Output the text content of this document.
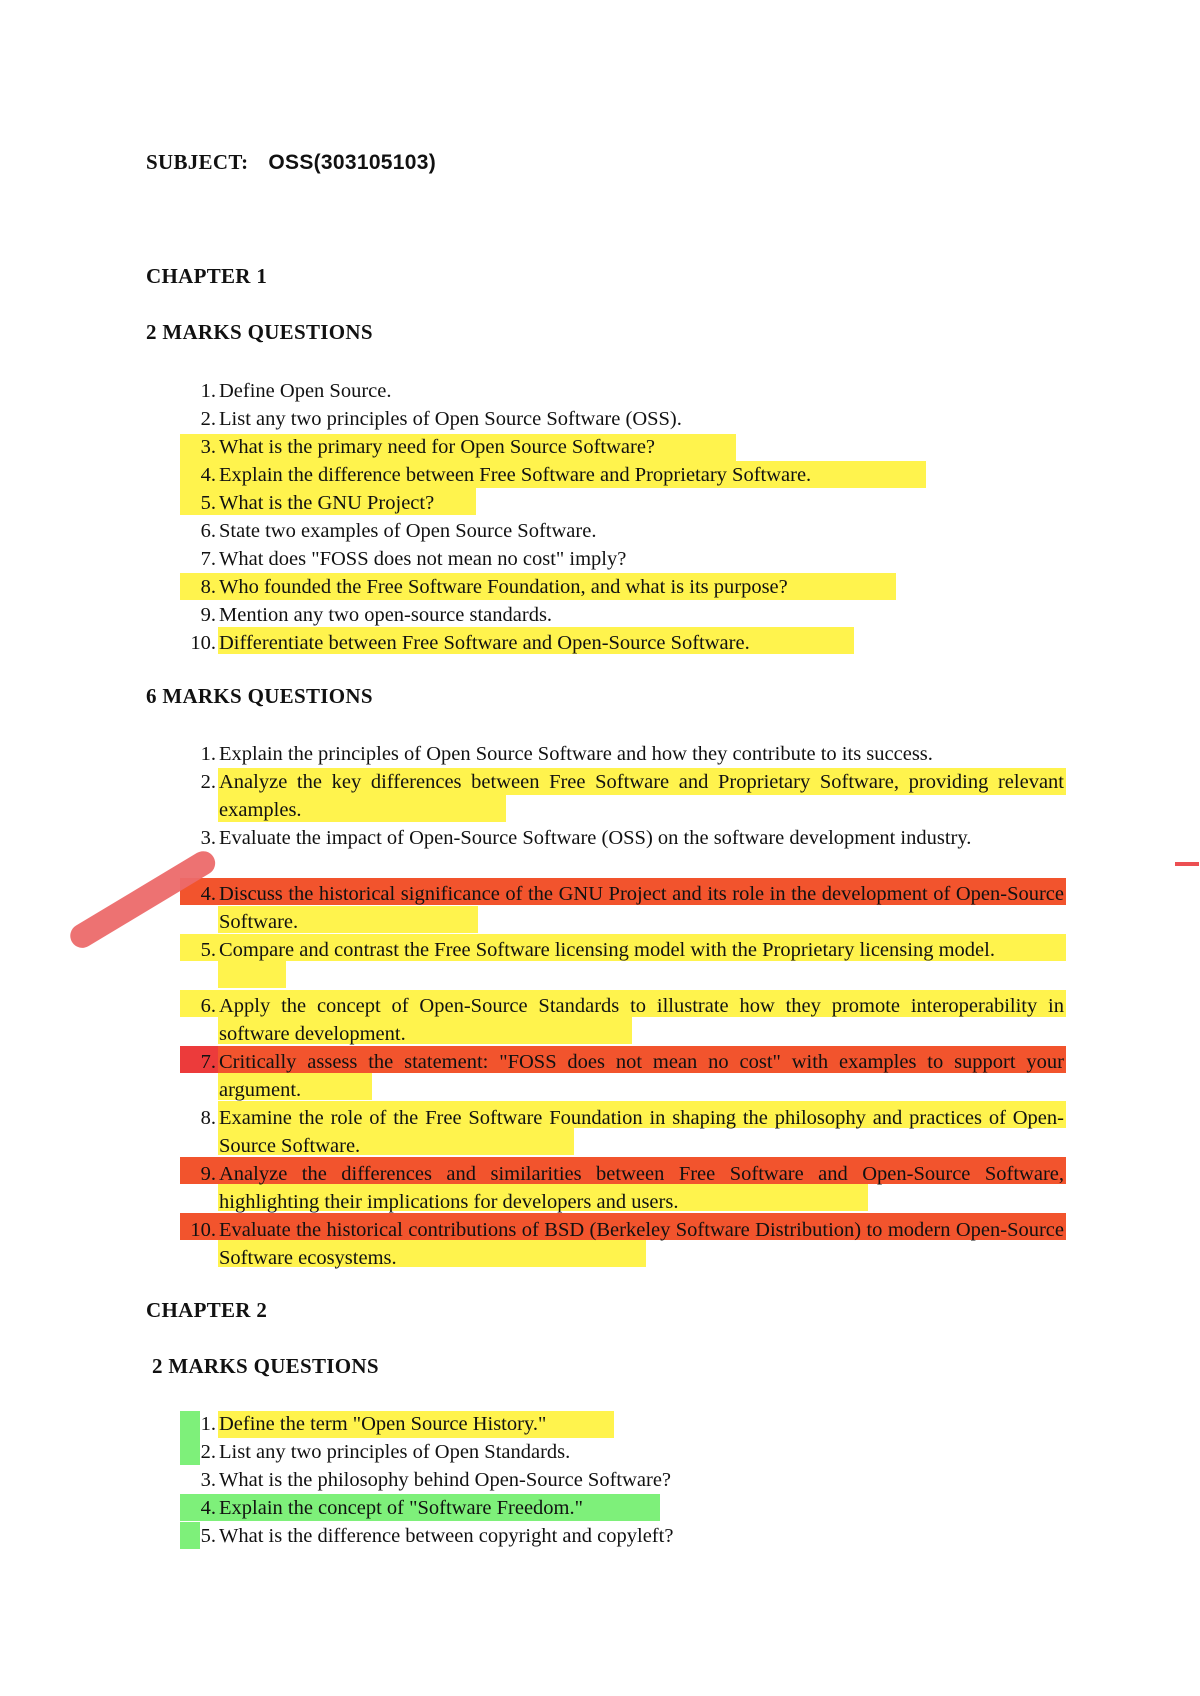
SUBJECT: OSS(303105103)
CHAPTER 1
2 MARKS QUESTIONS
1. Define Open Source.
2. List any two principles of Open Source Software (OSS).
3. What is the primary need for Open Source Software?
4. Explain the difference between Free Software and Proprietary Software.
5. What is the GNU Project?
6. State two examples of Open Source Software.
7. What does "FOSS does not mean no cost" imply?
8. Who founded the Free Software Foundation, and what is its purpose?
9. Mention any two open-source standards.
10. Differentiate between Free Software and Open-Source Software.
6 MARKS QUESTIONS
1. Explain the principles of Open Source Software and how they contribute to its success.
2. Analyze the key differences between Free Software and Proprietary Software, providing relevant examples.
3. Evaluate the impact of Open-Source Software (OSS) on the software development industry.
4. Discuss the historical significance of the GNU Project and its role in the development of Open-Source Software.
5. Compare and contrast the Free Software licensing model with the Proprietary licensing model.
6. Apply the concept of Open-Source Standards to illustrate how they promote interoperability in software development.
7. Critically assess the statement: "FOSS does not mean no cost" with examples to support your argument.
8. Examine the role of the Free Software Foundation in shaping the philosophy and practices of Open-Source Software.
9. Analyze the differences and similarities between Free Software and Open-Source Software, highlighting their implications for developers and users.
10. Evaluate the historical contributions of BSD (Berkeley Software Distribution) to modern Open-Source Software ecosystems.
CHAPTER 2
2 MARKS QUESTIONS
1. Define the term "Open Source History."
2. List any two principles of Open Standards.
3. What is the philosophy behind Open-Source Software?
4. Explain the concept of "Software Freedom."
5. What is the difference between copyright and copyleft?
